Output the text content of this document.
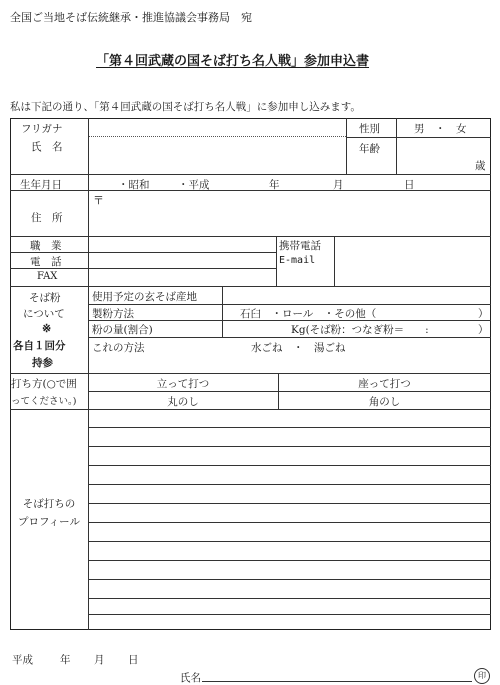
全国ご当地そば伝統継承・推進協議会事務局　宛
「第４回武蔵の国そば打ち名人戦」参加申込書
私は下記の通り、「第４回武蔵の国そば打ち名人戦」に参加申し込みます。
フリガナ
氏　名
性別	男　・　女
年齢
歳
生年月日	・昭和	・平成	年	月	日
〒
住　所
職　業	携帯電話
電　話	E-mail
FAX
そば粉
について
※
各自１回分
持参
使用予定の玄そば産地
製粉方法	石臼　・ロール　・その他（	）
粉の量(割合)	Kg(そば粉：つなぎ粉＝　　:	）
これの方法	水ごね　・　湯ごね
打ち方(○で囲
ってください。)
立って打つ	座って打つ
丸のし	角のし
そば打ちの
プロフィール
平成	年 月 日
氏名	印
